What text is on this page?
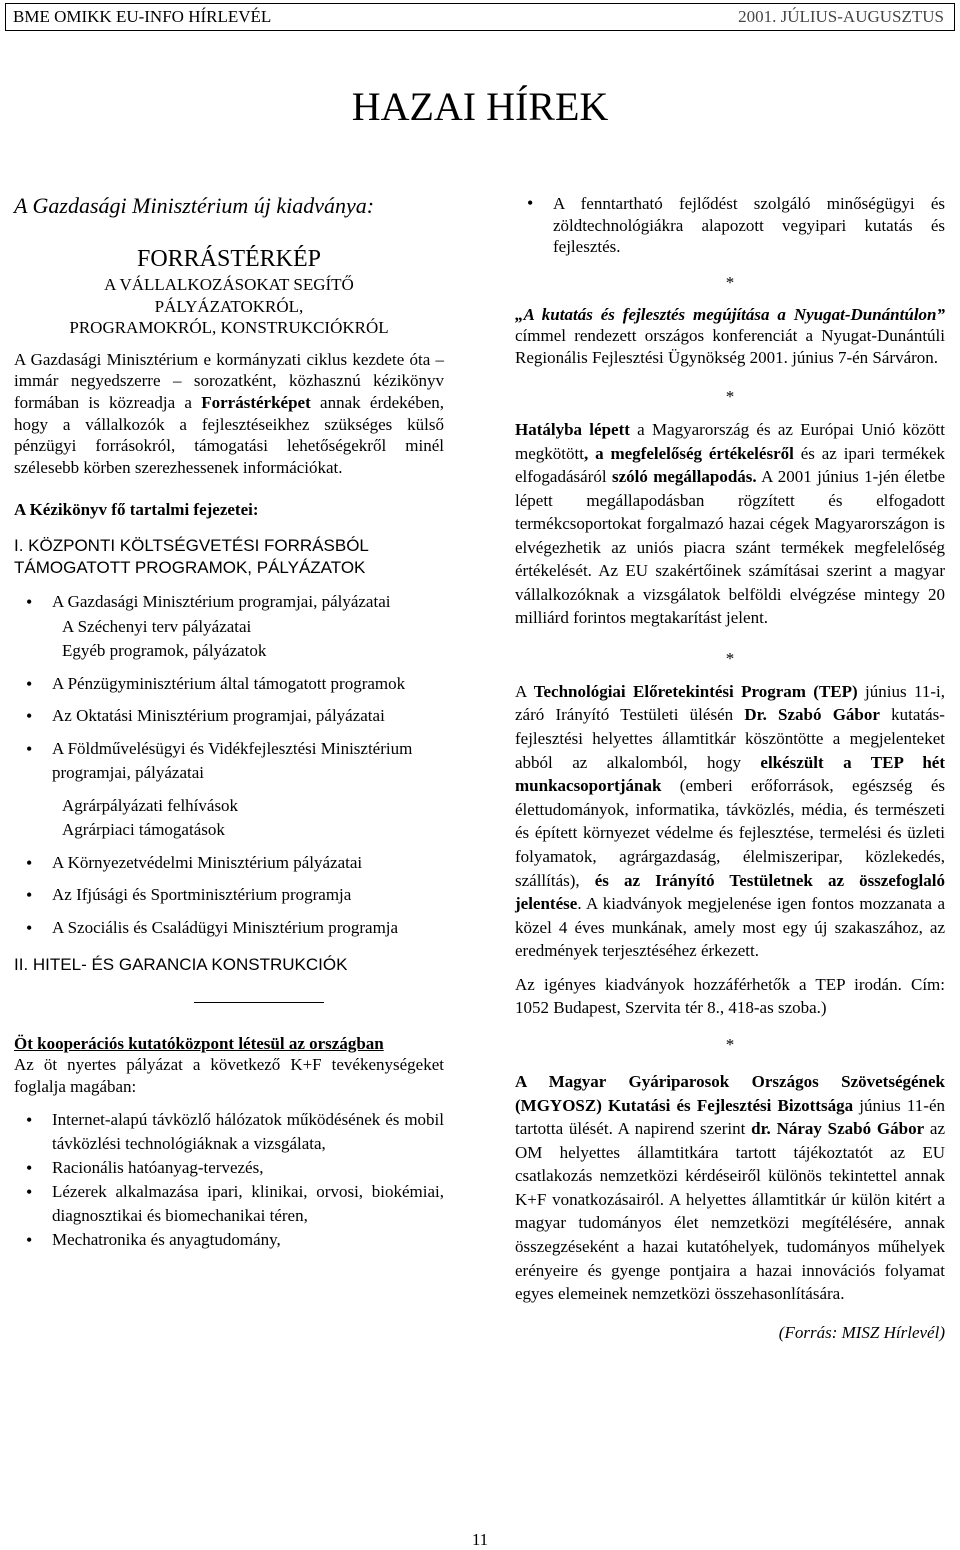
BME OMIKK EU-INFO HÍRLEVÉL	2001. JÚLIUS-AUGUSZTUS
HAZAI HÍREK

A Gazdasági Minisztérium új kiadványa:

FORRÁSTÉRKÉP

A VÁLLALKOZÁSOKAT SEGÍTŐ

PÁLYÁZATOKRÓL,

PROGRAMOKRÓL, KONSTRUKCIÓKRÓL

A Gazdasági Minisztérium e kormányzati ciklus kezdete óta – immár negyedszerre – sorozatként, közhasznú kézikönyv formában is közreadja a Forrástérképet annak érdekében, hogy a vállalkozók a fejlesztéseikhez szükséges külső pénzügyi forrásokról, támogatási lehetőségekről minél szélesebb körben szerezhessenek információkat.

A Kézikönyv fő tartalmi fejezetei:

I. KÖZPONTI KÖLTSÉGVETÉSI FORRÁSBÓL TÁMOGATOTT PROGRAMOK, PÁLYÁZATOK

• A Gazdasági Minisztérium programjai, pályázatai

A Széchenyi terv pályázatai

Egyéb programok, pályázatok

• A Pénzügyminisztérium által támogatott programok
• Az Oktatási Minisztérium programjai, pályázatai
• A Földművelésügyi és Vidékfejlesztési Minisztérium programjai, pályázatai

Agrárpályázati felhívások

Agrárpiaci támogatások

• A Környezetvédelmi Minisztérium pályázatai
• Az Ifjúsági és Sportminisztérium programja
• A Szociális és Családügyi Minisztérium programja

II. HITEL- ÉS GARANCIA KONSTRUKCIÓK

Öt kooperációs kutatóközpont létesül az országban

Az öt nyertes pályázat a következő K+F tevékenységeket foglalja magában:

• Internet-alapú távközlő hálózatok működésének és mobil távközlési technológiáknak a vizsgálata,
• Racionális hatóanyag-tervezés,
• Lézerek alkalmazása ipari, klinikai, orvosi, biokémiai, diagnosztikai és biomechanikai téren,
• Mechatronika és anyagtudomány,
• A fenntartható fejlődést szolgáló minőségügyi és zöldtechnológiákra alapozott vegyipari kutatás és fejlesztés.

*

„A kutatás és fejlesztés megújítása a Nyugat-Dunántúlon” címmel rendezett országos konferenciát a Nyugat-Dunántúli Regionális Fejlesztési Ügynökség 2001. június 7-én Sárváron.

*

Hatályba lépett a Magyarország és az Európai Unió között megkötött, a megfelelőség értékelésről és az ipari termékek elfogadásáról szóló megállapodás. A 2001 június 1-jén életbe lépett megállapodásban rögzített és elfogadott termékcsoportokat forgalmazó hazai cégek Magyarországon is elvégezhetik az uniós piacra szánt termékek megfelelőség értékelését. Az EU szakértőinek számításai szerint a magyar vállalkozóknak a vizsgálatok belföldi elvégzése mintegy 20 milliárd forintos megtakarítást jelent.

*

A Technológiai Előretekintési Program (TEP) június 11-i, záró Irányító Testületi ülésén Dr. Szabó Gábor kutatás-fejlesztési helyettes államtitkár köszöntötte a megjelenteket abból az alkalomból, hogy elkészült a TEP hét munkacsoportjának (emberi erőforrások, egészség és élettudományok, informatika, távközlés, média, és természeti és épített környezet védelme és fejlesztése, termelési és üzleti folyamatok, agrárgazdaság, élelmiszeripar, közlekedés, szállítás), és az Irányító Testületnek az összefoglaló jelentése. A kiadványok megjelenése igen fontos mozzanata a közel 4 éves munkának, amely most egy új szakaszához, az eredmények terjesztéséhez érkezett.

Az igényes kiadványok hozzáférhetők a TEP irodán. Cím: 1052 Budapest, Szervita tér 8., 418-as szoba.)

*

A Magyar Gyáriparosok Országos Szövetségének (MGYOSZ) Kutatási és Fejlesztési Bizottsága június 11-én tartotta ülését. A napirend szerint dr. Náray Szabó Gábor az OM helyettes államtitkára tartott tájékoztatót az EU csatlakozás nemzetközi kérdéseiről különös tekintettel annak K+F vonatkozásairól. A helyettes államtitkár úr külön kitért a magyar tudományos élet nemzetközi megítélésére, annak összegzéseként a hazai kutatóhelyek, tudományos műhelyek erényeire és gyenge pontjaira a hazai innovációs folyamat egyes elemeinek nemzetközi összehasonlítására.

(Forrás: MISZ Hírlevél)

11
